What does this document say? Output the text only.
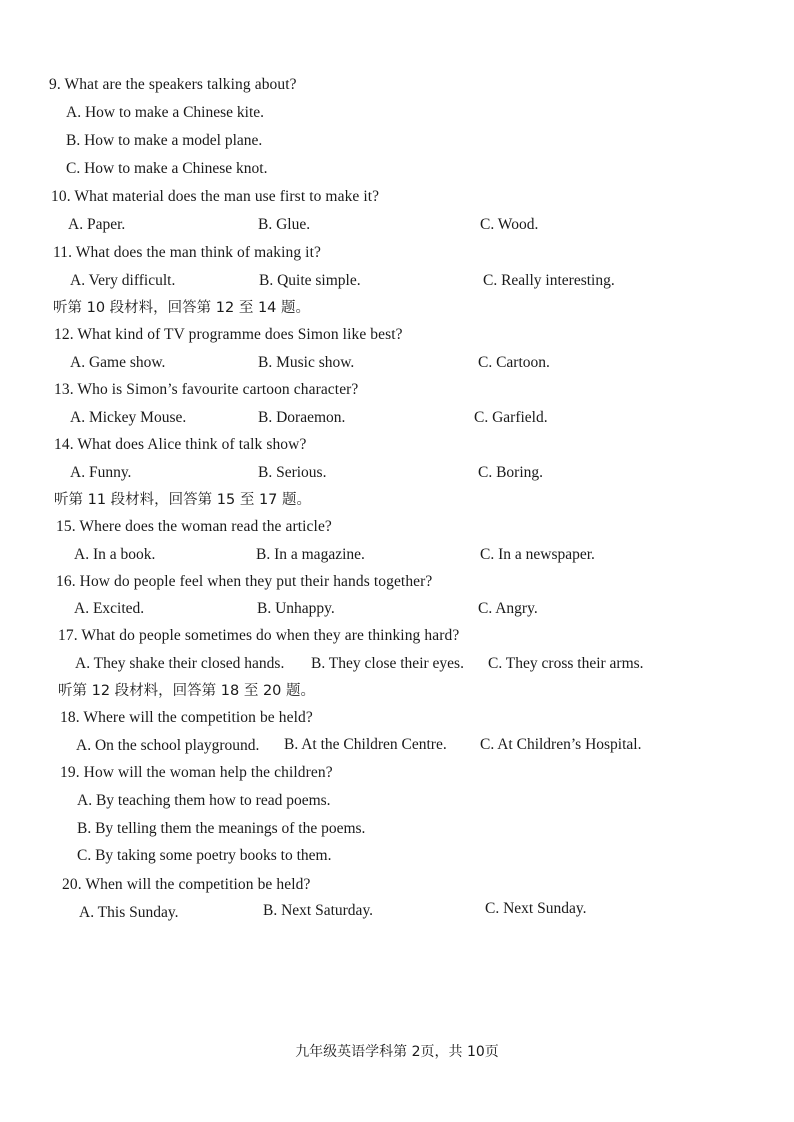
9. What are the speakers talking about?
A. How to make a Chinese kite.
B. How to make a model plane.
C. How to make a Chinese knot.
10. What material does the man use first to make it?
A. Paper.	B. Glue.	C. Wood.
11. What does the man think of making it?
A. Very difficult.	B. Quite simple.	C. Really interesting.
听第 10 段材料，回答第 12 至 14 题。
12. What kind of TV programme does Simon like best?
A. Game show.	B. Music show.	C. Cartoon.
13. Who is Simon’s favourite cartoon character?
A. Mickey Mouse.	B. Doraemon.	C. Garfield.
14. What does Alice think of talk show?
A. Funny.	B. Serious.	C. Boring.
听第 11 段材料，回答第 15 至 17 题。
15. Where does the woman read the article?
A. In a book.	B. In a magazine.	C. In a newspaper.
16. How do people feel when they put their hands together?
A. Excited.	B. Unhappy.	C. Angry.
17. What do people sometimes do when they are thinking hard?
A. They shake their closed hands. B. They close their eyes. C. They cross their arms.
听第 12 段材料，回答第 18 至 20 题。
18. Where will the competition be held?
A. On the school playground. B. At the Children Centre. C. At Children’s Hospital.
19. How will the woman help the children?
A. By teaching them how to read poems.
B. By telling them the meanings of the poems.
C. By taking some poetry books to them.
20. When will the competition be held?
A. This Sunday.	B. Next Saturday.	C. Next Sunday.
九年级英语学科第 2页，共 10页
